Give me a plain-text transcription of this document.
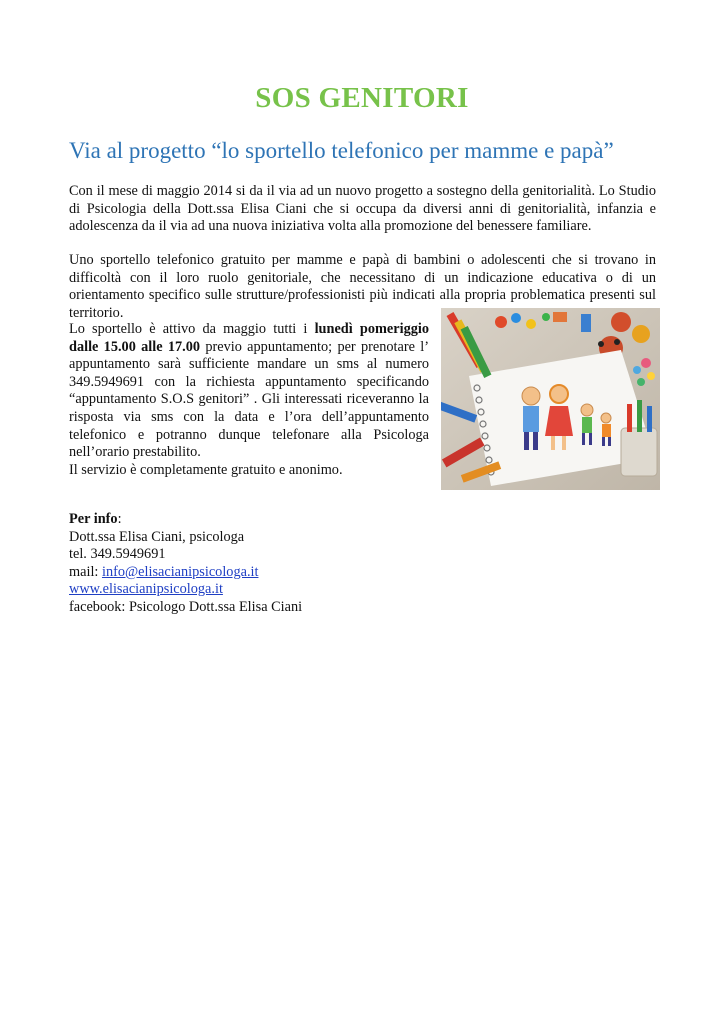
SOS GENITORI
Via al progetto “lo sportello telefonico per mamme e papà”
Con il mese di maggio 2014 si da il via ad un nuovo progetto a sostegno della genitorialità. Lo Studio di Psicologia della Dott.ssa Elisa Ciani che si occupa da diversi anni di genitorialità, infanzia e adolescenza da il via ad una nuova iniziativa volta alla promozione del benessere familiare.
Uno sportello telefonico gratuito per mamme e papà di bambini o adolescenti che si trovano in difficoltà con il loro ruolo genitoriale, che necessitano di un indicazione educativa o di un orientamento specifico sulle strutture/professionisti più indicati alla propria problematica presenti sul territorio.
Lo sportello è attivo da maggio tutti i lunedì pomeriggio dalle 15.00 alle 17.00 previo appuntamento; per prenotare l’ appuntamento sarà sufficiente mandare un sms al numero 349.5949691 con la richiesta appuntamento specificando “appuntamento S.O.S genitori” . Gli interessati riceveranno la risposta via sms con la data e l’ora dell’appuntamento telefonico e potranno dunque telefonare alla Psicologa nell’orario prestabilito.
Il servizio è completamente gratuito e anonimo.
Per info:
Dott.ssa Elisa Ciani, psicologa
tel. 349.5949691
mail: info@elisacianipsicologa.it
www.elisacianipsicologa.it
facebook: Psicologo Dott.ssa Elisa Ciani
